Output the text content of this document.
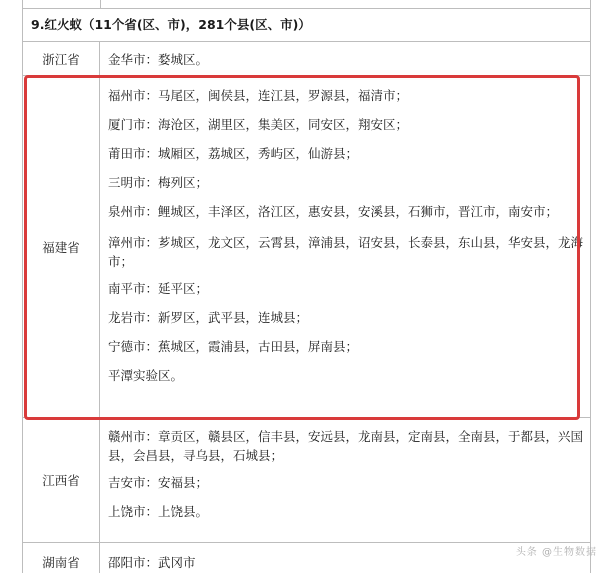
9.红火蚁（11个省(区、市)，281个县(区、市)）
浙江省	金华市：婺城区。
福建省
福州市：马尾区，闽侯县，连江县，罗源县，福清市；
厦门市：海沧区，湖里区，集美区，同安区，翔安区；
莆田市：城厢区，荔城区，秀屿区，仙游县；
三明市：梅列区；
泉州市：鲤城区，丰泽区，洛江区，惠安县，安溪县，石狮市，晋江市，南安市；
漳州市：芗城区，龙文区，云霄县，漳浦县，诏安县，长泰县，东山县，华安县，龙海市；
南平市：延平区；
龙岩市：新罗区，武平县，连城县；
宁德市：蕉城区，霞浦县，古田县，屏南县；
平潭实验区。
江西省
赣州市：章贡区，赣县区，信丰县，安远县，龙南县，定南县，全南县，于都县，兴国县，会昌县，寻乌县，石城县；
吉安市：安福县；
上饶市：上饶县。
湖南省	邵阳市：武冈市
头条 @生物数据
